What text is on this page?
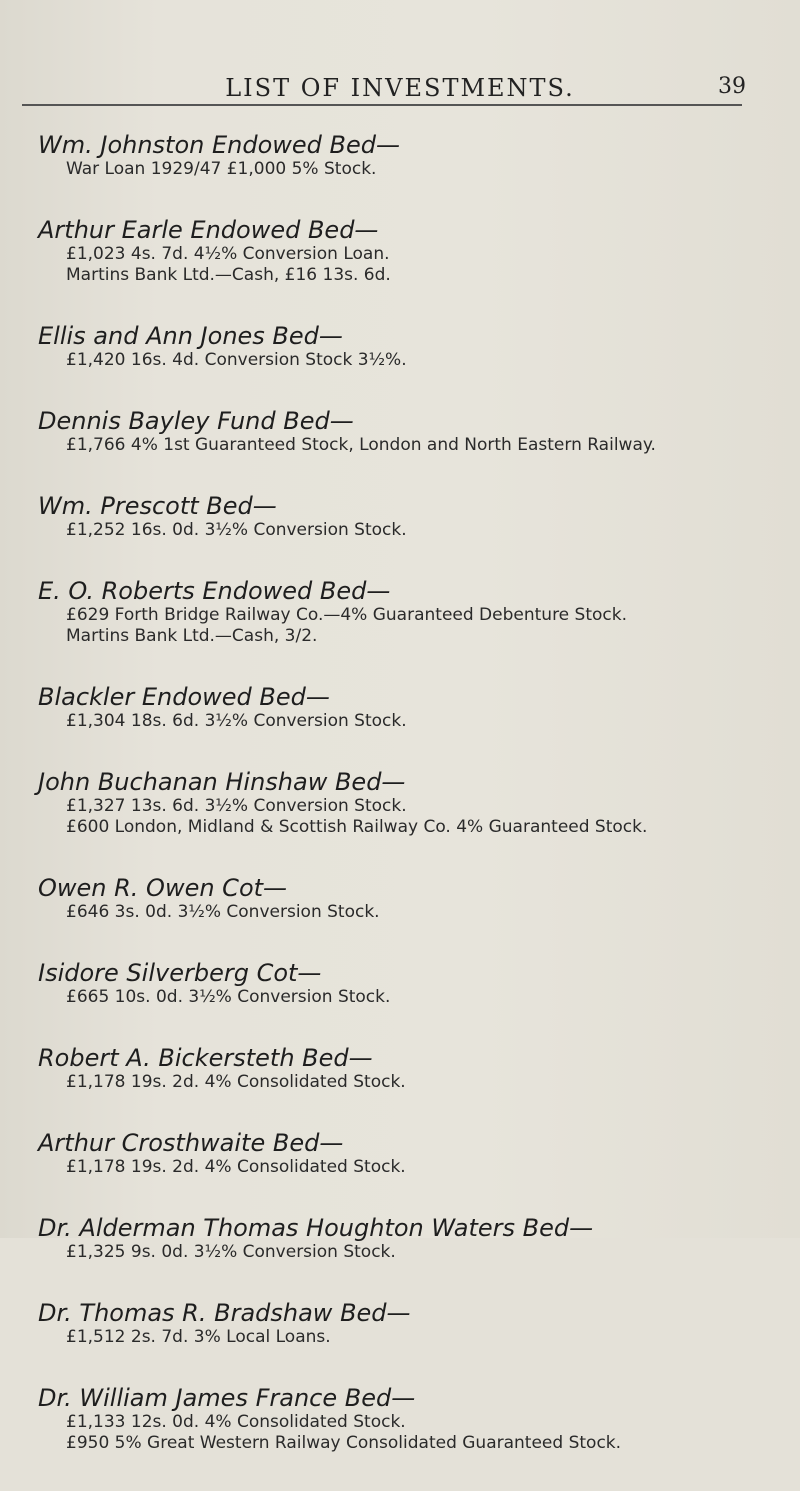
LIST OF INVESTMENTS.	39
Wm. Johnston Endowed Bed—
War Loan 1929/47 £1,000 5% Stock.
Arthur Earle Endowed Bed—
£1,023 4s. 7d. 4½% Conversion Loan.
Martins Bank Ltd.—Cash, £16 13s. 6d.
Ellis and Ann Jones Bed—
£1,420 16s. 4d. Conversion Stock 3½%.
Dennis Bayley Fund Bed—
£1,766 4% 1st Guaranteed Stock, London and North Eastern Railway.
Wm. Prescott Bed—
£1,252 16s. 0d. 3½% Conversion Stock.
E. O. Roberts Endowed Bed—
£629 Forth Bridge Railway Co.—4% Guaranteed Debenture Stock.
Martins Bank Ltd.—Cash, 3/2.
Blackler Endowed Bed—
£1,304 18s. 6d. 3½% Conversion Stock.
John Buchanan Hinshaw Bed—
£1,327 13s. 6d. 3½% Conversion Stock.
£600 London, Midland & Scottish Railway Co. 4% Guaranteed Stock.
Owen R. Owen Cot—
£646 3s. 0d. 3½% Conversion Stock.
Isidore Silverberg Cot—
£665 10s. 0d. 3½% Conversion Stock.
Robert A. Bickersteth Bed—
£1,178 19s. 2d. 4% Consolidated Stock.
Arthur Crosthwaite Bed—
£1,178 19s. 2d. 4% Consolidated Stock.
Dr. Alderman Thomas Houghton Waters Bed—
£1,325 9s. 0d. 3½% Conversion Stock.
Dr. Thomas R. Bradshaw Bed—
£1,512 2s. 7d. 3% Local Loans.
Dr. William James France Bed—
£1,133 12s. 0d. 4% Consolidated Stock.
£950 5% Great Western Railway Consolidated Guaranteed Stock.
